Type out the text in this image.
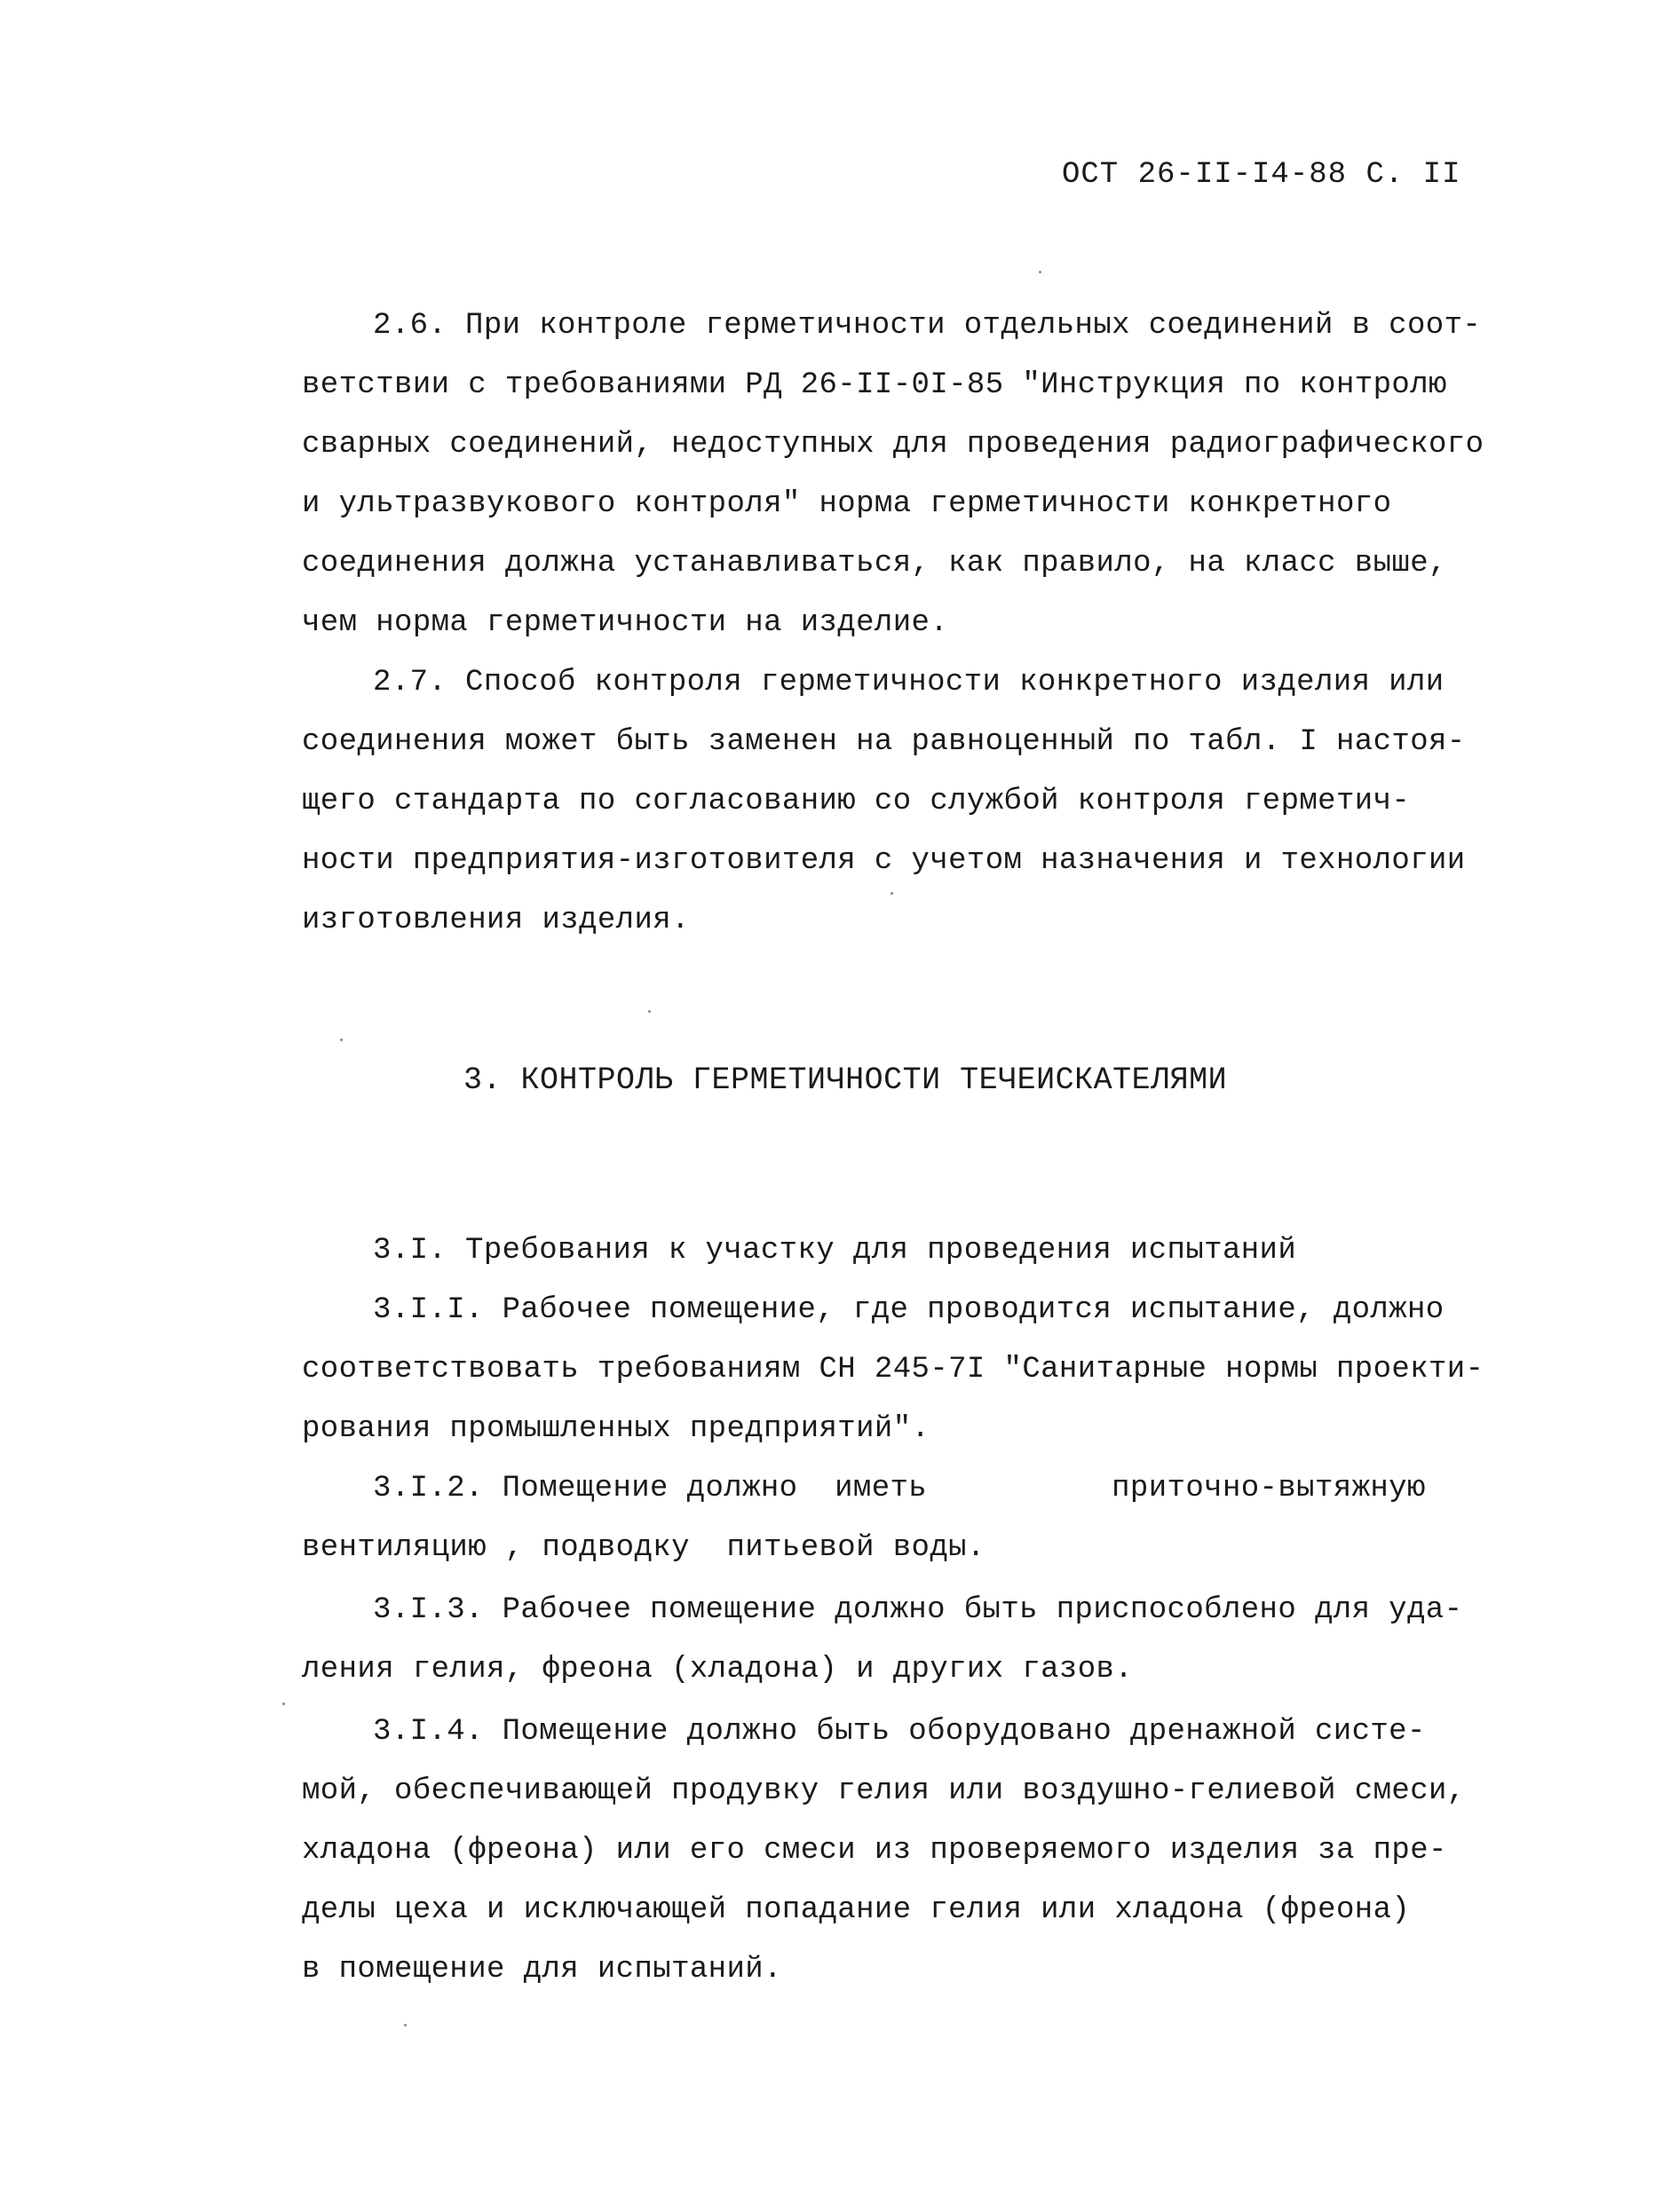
ОСТ 26-II-I4-88 С. II
2.6. При контроле герметичности отдельных соединений в соот-
ветствии с требованиями РД 26-II-0I-85 "Инструкция по контролю
сварных соединений, недоступных для проведения радиографического
и ультразвукового контроля" норма герметичности конкретного
соединения должна устанавливаться, как правило, на класс выше,
чем норма герметичности на изделие.
2.7. Способ контроля герметичности конкретного изделия или
соединения может быть заменен на равноценный по табл. I настоя-
щего стандарта по согласованию со службой контроля герметич-
ности предприятия-изготовителя с учетом назначения и технологии
изготовления изделия.
3. КОНТРОЛЬ ГЕРМЕТИЧНОСТИ ТЕЧЕИСКАТЕЛЯМИ
3.I. Требования к участку для проведения испытаний
3.I.I. Рабочее помещение, где проводится испытание, должно
соответствовать требованиям СН 245-7I "Санитарные нормы проекти-
рования промышленных предприятий".
3.I.2. Помещение должно  иметь          приточно-вытяжную
вентиляцию , подводку  питьевой воды.
3.I.3. Рабочее помещение должно быть приспособлено для уда-
ления гелия, фреона (хладона) и других газов.
3.I.4. Помещение должно быть оборудовано дренажной систе-
мой, обеспечивающей продувку гелия или воздушно-гелиевой смеси,
хладона (фреона) или его смеси из проверяемого изделия за пре-
делы цеха и исключающей попадание гелия или хладона (фреона)
в помещение для испытаний.
